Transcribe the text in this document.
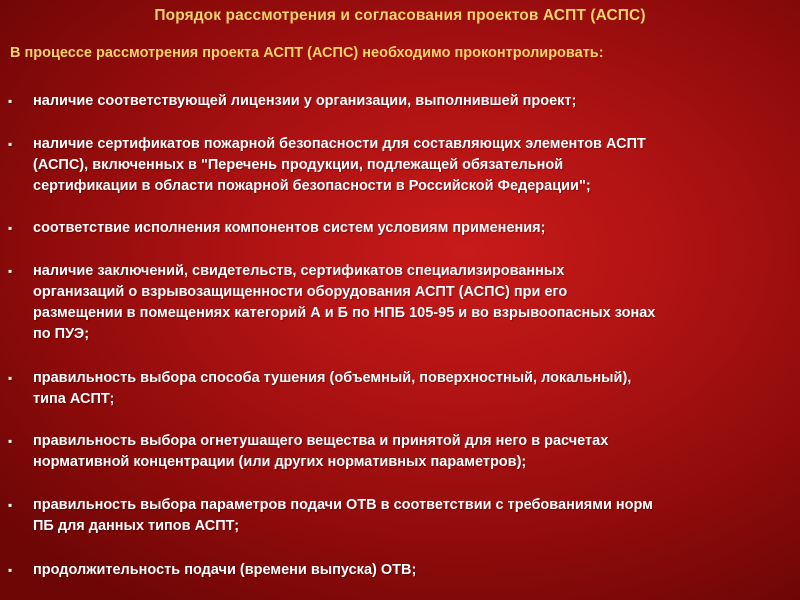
Порядок рассмотрения и согласования проектов АСПТ (АСПС)
В процессе рассмотрения проекта АСПТ (АСПС) необходимо проконтролировать:
▪	наличие соответствующей лицензии у организации, выполнившей проект;
▪	наличие сертификатов пожарной безопасности для составляющих элементов АСПТ
(АСПС), включенных в "Перечень продукции, подлежащей обязательной
сертификации в области пожарной безопасности в Российской Федерации";
▪	соответствие исполнения компонентов систем условиям применения;
▪	наличие заключений, свидетельств, сертификатов специализированных
организаций о взрывозащищенности оборудования АСПТ (АСПС) при его
размещении в помещениях категорий А и Б по НПБ 105-95 и во взрывоопасных зонах
по ПУЭ;
▪	правильность выбора способа тушения (объемный, поверхностный, локальный),
типа АСПТ;
▪	правильность выбора огнетушащего вещества и принятой для него в расчетах
нормативной концентрации (или других нормативных параметров);
▪	правильность выбора параметров подачи ОТВ в соответствии с требованиями норм
ПБ для данных типов АСПТ;
▪	продолжительность подачи (времени выпуска) ОТВ;
